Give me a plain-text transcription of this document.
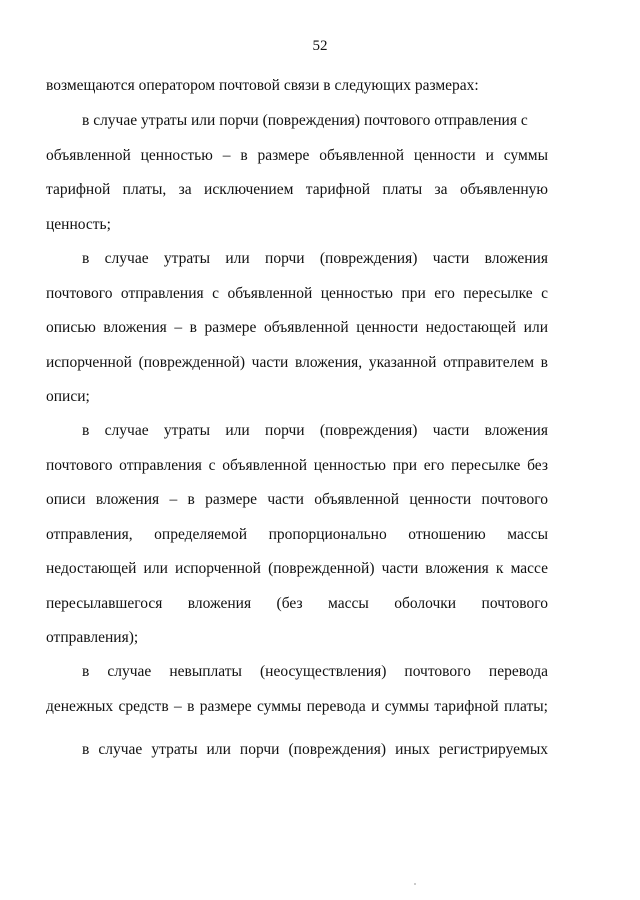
52
возмещаются оператором почтовой связи в следующих размерах:
в случае утраты или порчи (повреждения) почтового отправления с
объявленной ценностью – в размере объявленной ценности и суммы
тарифной платы, за исключением тарифной платы за объявленную
ценность;
в случае утраты или порчи (повреждения) части вложения
почтового отправления с объявленной ценностью при его пересылке с
описью вложения – в размере объявленной ценности недостающей или
испорченной (поврежденной) части вложения, указанной отправителем в
описи;
в случае утраты или порчи (повреждения) части вложения
почтового отправления с объявленной ценностью при его пересылке без
описи вложения – в размере части объявленной ценности почтового
отправления, определяемой пропорционально отношению массы
недостающей или испорченной (поврежденной) части вложения к массе
пересылавшегося вложения (без массы оболочки почтового
отправления);
в случае невыплаты (неосуществления) почтового перевода
денежных средств – в размере суммы перевода и суммы тарифной платы;
в случае утраты или порчи (повреждения) иных регистрируемых
